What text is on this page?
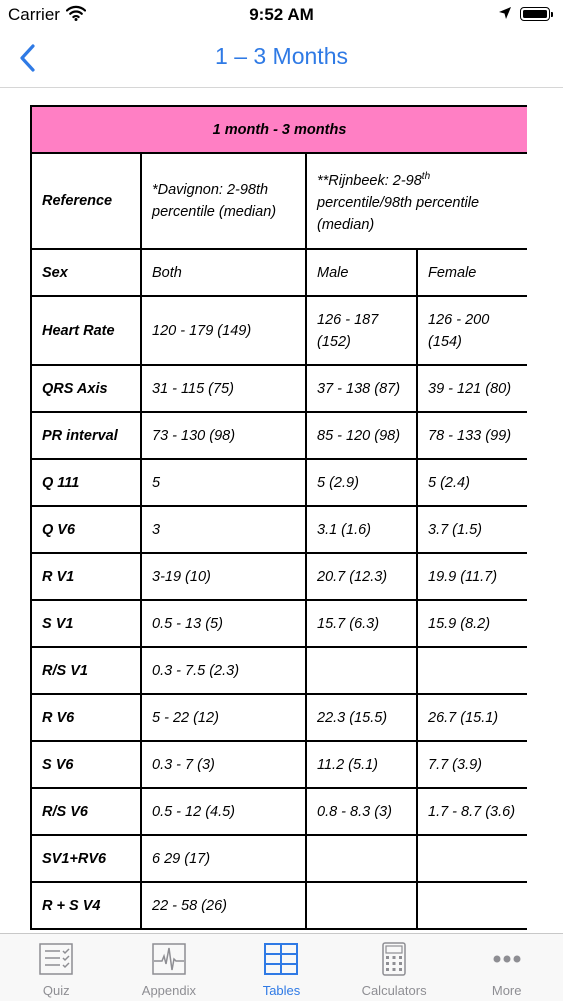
Carrier	9:52 AM
1 – 3 Months
1 month - 3 months			
Reference	*Davignon: 2-98th percentile (median)	**Rijnbeek: 2-98th percentile/98th percentile (median)	
Sex	Both	Male	Female
Heart Rate	120 - 179 (149)	126 - 187 (152)	126 - 200 (154)
QRS Axis	31 - 115 (75)	37 - 138 (87)	39 - 121 (80)
PR interval	73 - 130 (98)	85 - 120 (98)	78 - 133 (99)
Q 111	5	5 (2.9)	5 (2.4)
Q V6	3	3.1 (1.6)	3.7 (1.5)
R V1	3-19 (10)	20.7 (12.3)	19.9 (11.7)
S V1	0.5 - 13 (5)	15.7 (6.3)	15.9 (8.2)
R/S V1	0.3 - 7.5 (2.3)		
R V6	5 - 22 (12)	22.3 (15.5)	26.7 (15.1)
S V6	0.3 - 7 (3)	11.2 (5.1)	7.7 (3.9)
R/S V6	0.5 - 12 (4.5)	0.8 - 8.3 (3)	1.7 - 8.7 (3.6)
SV1+RV6	6 29 (17)		
R + S V4	22 - 58 (26)		
Quiz	Appendix	Tables	Calculators	More
